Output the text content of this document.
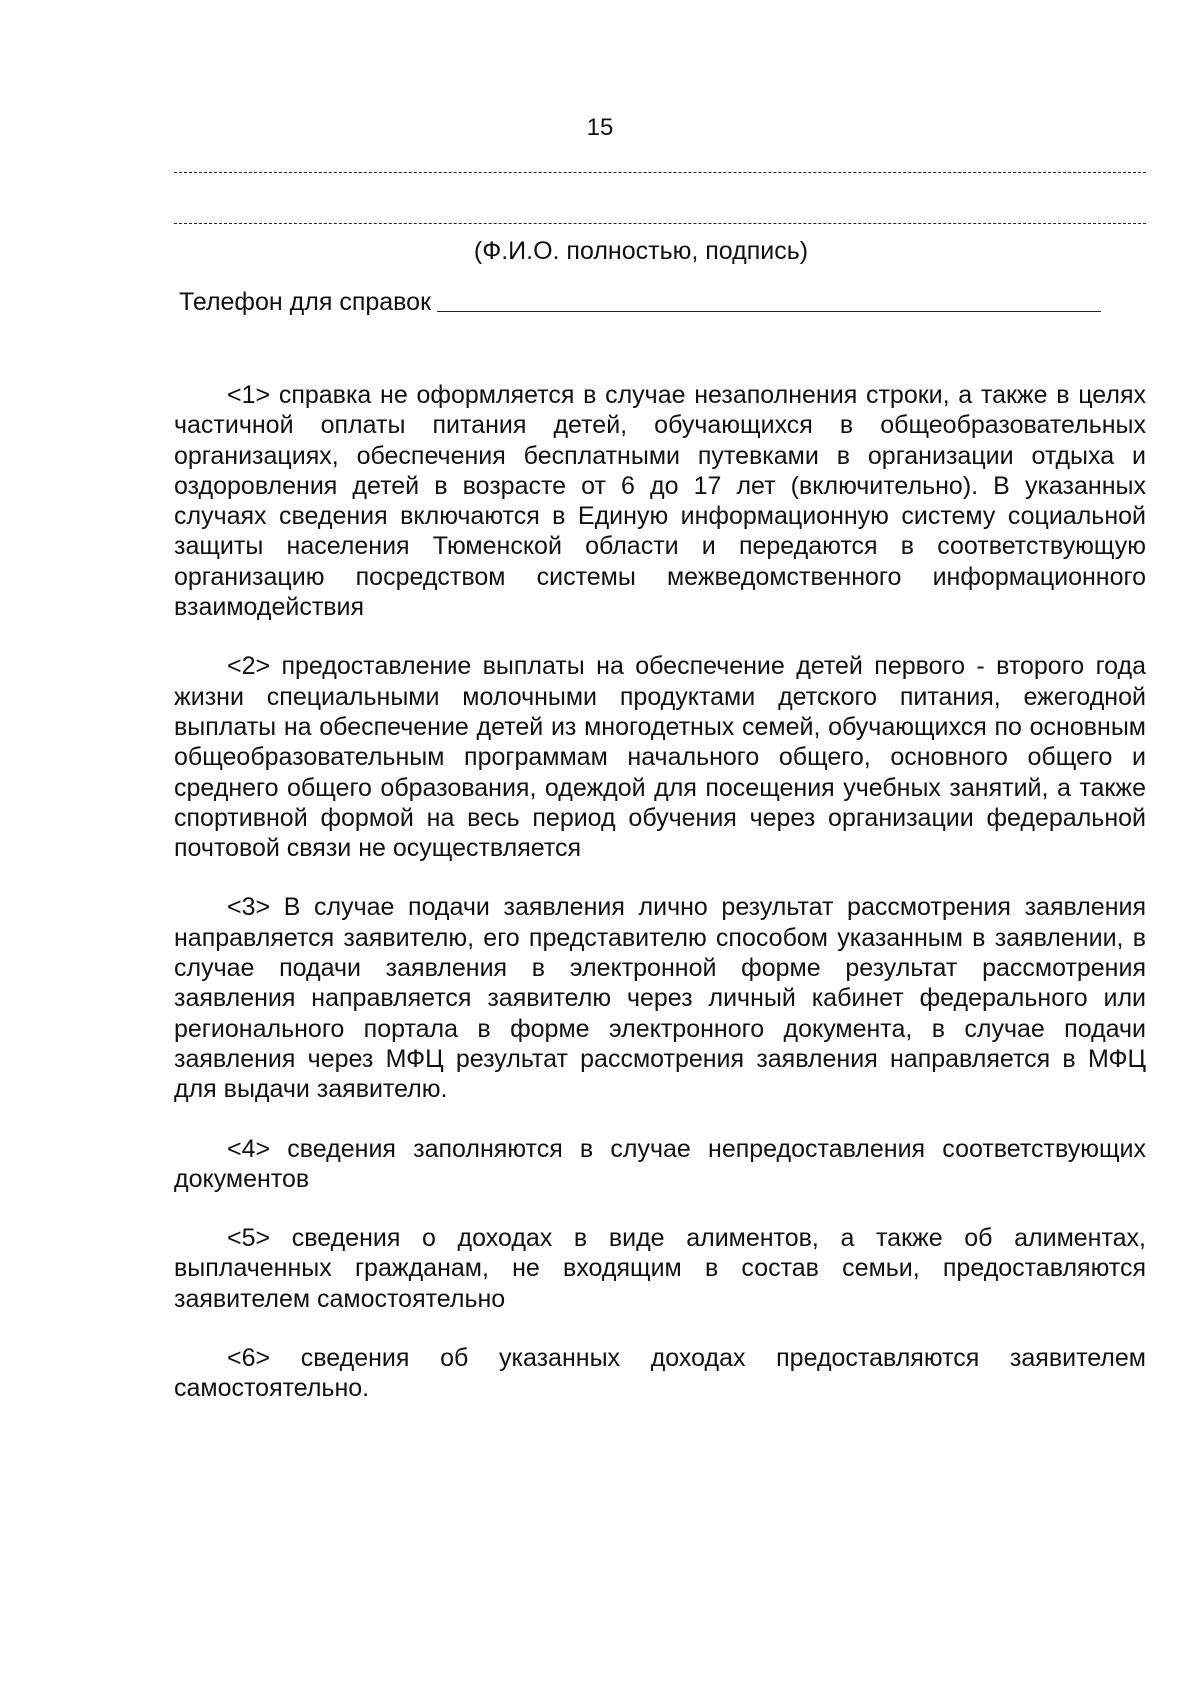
15
(Ф.И.О. полностью, подпись)
Телефон для справок

<1> справка не оформляется в случае незаполнения строки, а также в целях частичной оплаты питания детей, обучающихся в общеобразовательных организациях, обеспечения бесплатными путевками в организации отдыха и оздоровления детей в возрасте от 6 до 17 лет (включительно). В указанных случаях сведения включаются в Единую информационную систему социальной защиты населения Тюменской области и передаются в соответствующую организацию посредством системы межведомственного информационного взаимодействия

<2> предоставление выплаты на обеспечение детей первого - второго года жизни специальными молочными продуктами детского питания, ежегодной выплаты на обеспечение детей из многодетных семей, обучающихся по основным общеобразовательным программам начального общего, основного общего и среднего общего образования, одеждой для посещения учебных занятий, а также спортивной формой на весь период обучения через организации федеральной почтовой связи не осуществляется

<3> В случае подачи заявления лично результат рассмотрения заявления направляется заявителю, его представителю способом указанным в заявлении, в случае подачи заявления в электронной форме результат рассмотрения заявления направляется заявителю через личный кабинет федерального или регионального портала в форме электронного документа, в случае подачи заявления через МФЦ результат рассмотрения заявления направляется в МФЦ для выдачи заявителю.

<4> сведения заполняются в случае непредоставления соответствующих документов

<5> сведения о доходах в виде алиментов, а также об алиментах, выплаченных гражданам, не входящим в состав семьи, предоставляются заявителем самостоятельно

<6> сведения об указанных доходах предоставляются заявителем самостоятельно.
